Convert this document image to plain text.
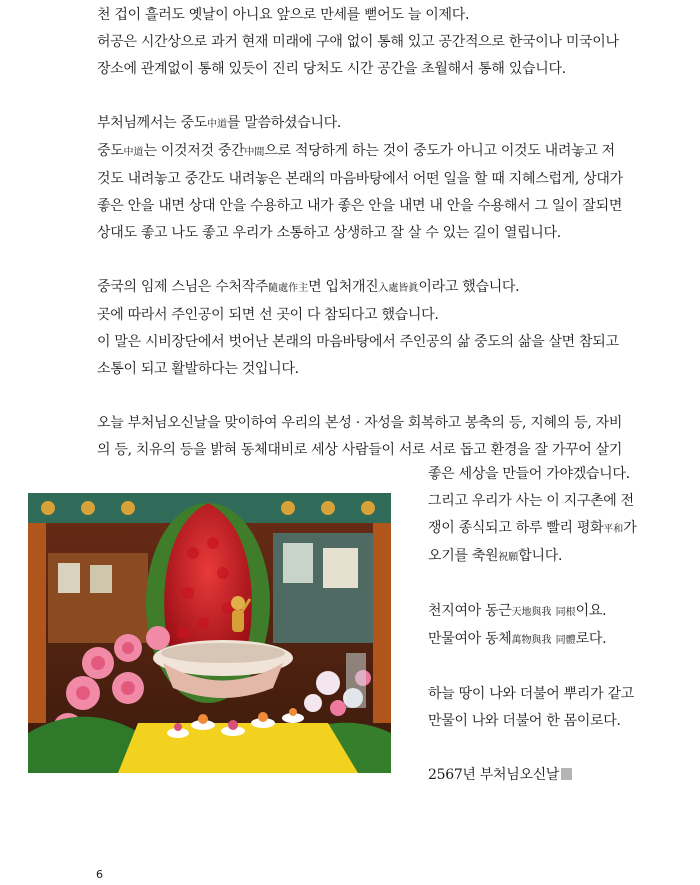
천 겁이 흘러도 옛날이 아니요 앞으로 만세를 뻗어도 늘 이제다.

허공은 시간상으로 과거 현재 미래에 구애 없이 통해 있고 공간적으로 한국이나 미국이나

장소에 관계없이 통해 있듯이 진리 당처도 시간 공간을 초월해서 통해 있습니다.

부처님께서는 중도中道를 말씀하셨습니다.

중도中道는 이것저것 중간中間으로 적당하게 하는 것이 중도가 아니고 이것도 내려놓고 저

것도 내려놓고 중간도 내려놓은 본래의 마음바탕에서 어떤 일을 할 때 지혜스럽게, 상대가

좋은 안을 내면 상대 안을 수용하고 내가 좋은 안을 내면 내 안을 수용해서 그 일이 잘되면

상대도 좋고 나도 좋고 우리가 소통하고 상생하고 잘 살 수 있는 길이 열립니다.

중국의 임제 스님은 수처작주隨處作主면 입처개진入處皆眞이라고 했습니다.

곳에 따라서 주인공이 되면 선 곳이 다 참되다고 했습니다.

이 말은 시비장단에서 벗어난 본래의 마음바탕에서 주인공의 삶 중도의 삶을 살면 참되고

소통이 되고 활발하다는 것입니다.

오늘 부처님오신날을 맞이하여 우리의 본성 · 자성을 회복하고 봉축의 등, 지혜의 등, 자비

의 등, 치유의 등을 밝혀 동체대비로 세상 사람들이 서로 서로 돕고 환경을 잘 가꾸어 살기

좋은 세상을 만들어 가야겠습니다.

그리고 우리가 사는 이 지구촌에 전

쟁이 종식되고 하루 빨리 평화平和가

오기를 축원祝願합니다.

천지여아 동근天地與我 同根이요.

만물여아 동체萬物與我 同體로다.

하늘 땅이 나와 더불어 뿌리가 같고

만물이 나와 더불어 한 몸이로다.

2567년 부처님오신날

6
